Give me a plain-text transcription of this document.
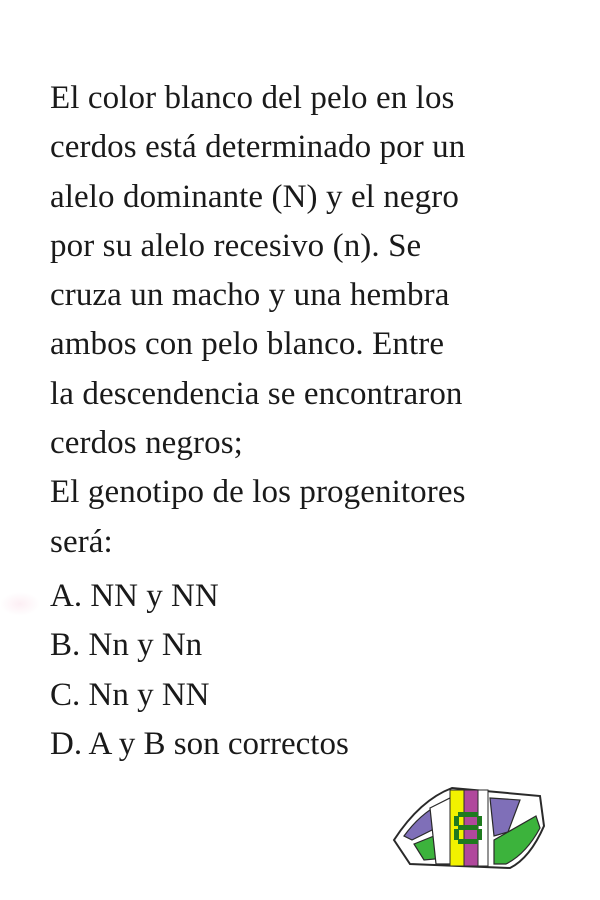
El color blanco del pelo en los
cerdos está determinado por un
alelo dominante (N) y el negro
por su alelo recesivo (n). Se
cruza un macho y una hembra
ambos con pelo blanco. Entre
la descendencia se encontraron
cerdos negros;
El genotipo de los progenitores
será:
A. NN y NN
B. Nn y Nn
C. Nn y NN
D. A y B son correctos
